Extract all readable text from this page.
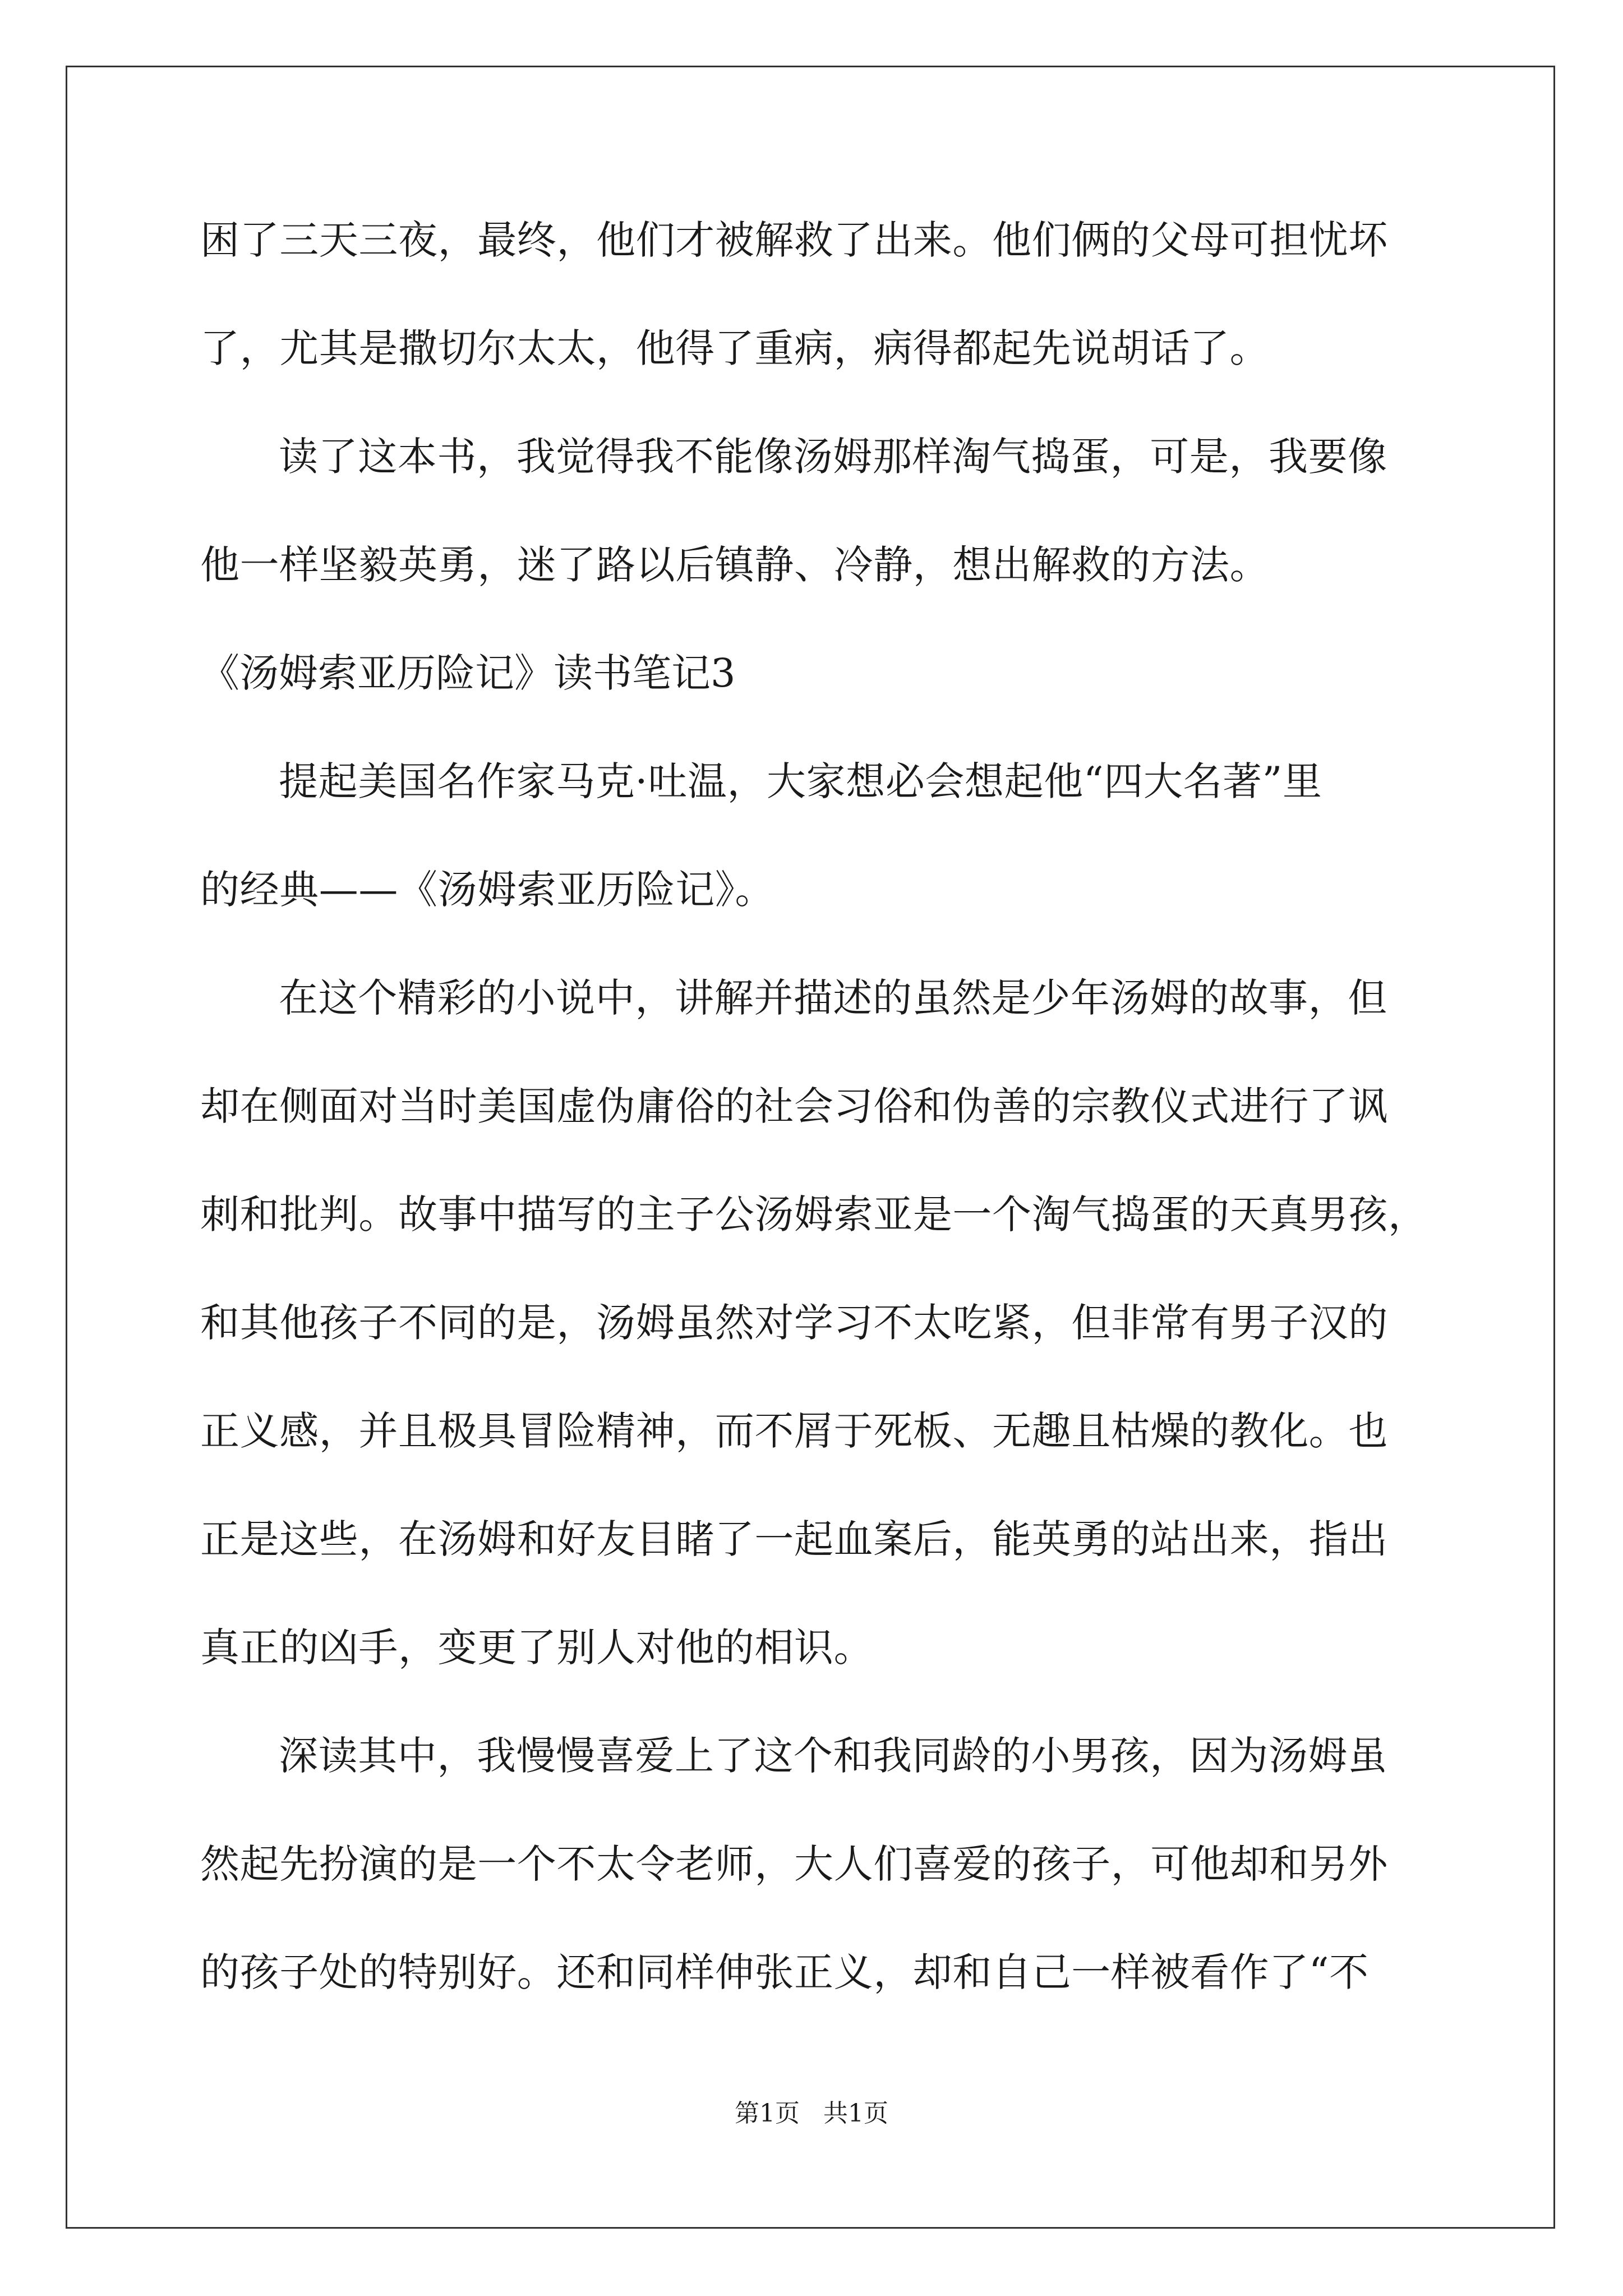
困了三天三夜，最终，他们才被解救了出来。他们俩的父母可担忧坏
了，尤其是撒切尔太太，他得了重病，病得都起先说胡话了。
读了这本书，我觉得我不能像汤姆那样淘气捣蛋，可是，我要像
他一样坚毅英勇，迷了路以后镇静、冷静，想出解救的方法。
《汤姆索亚历险记》读书笔记3
提起美国名作家马克·吐温，大家想必会想起他“四大名著”里
的经典——《汤姆索亚历险记》。
在这个精彩的小说中，讲解并描述的虽然是少年汤姆的故事，但
却在侧面对当时美国虚伪庸俗的社会习俗和伪善的宗教仪式进行了讽
刺和批判。故事中描写的主子公汤姆索亚是一个淘气捣蛋的天真男孩，
和其他孩子不同的是，汤姆虽然对学习不太吃紧，但非常有男子汉的
正义感，并且极具冒险精神，而不屑于死板、无趣且枯燥的教化。也
正是这些，在汤姆和好友目睹了一起血案后，能英勇的站出来，指出
真正的凶手，变更了别人对他的相识。
深读其中，我慢慢喜爱上了这个和我同龄的小男孩，因为汤姆虽
然起先扮演的是一个不太令老师，大人们喜爱的孩子，可他却和另外
的孩子处的特别好。还和同样伸张正义，却和自己一样被看作了“不
第1页   共1页
